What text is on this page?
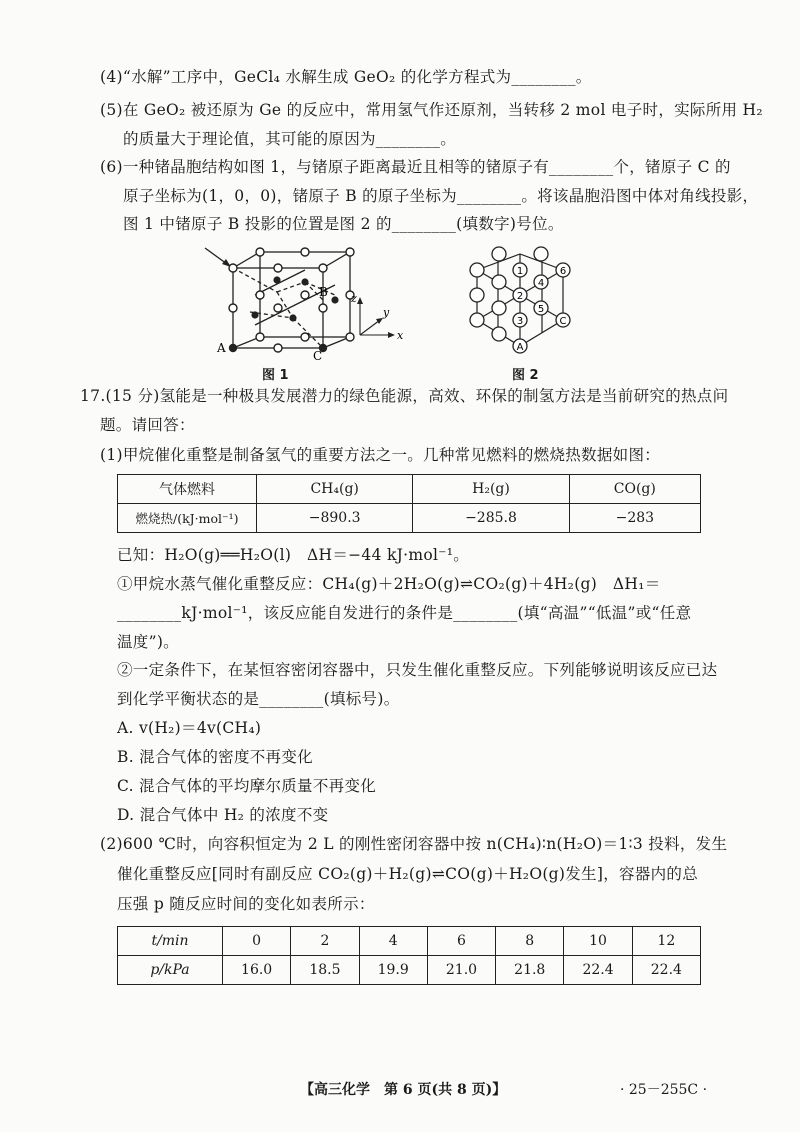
(4)“水解”工序中，GeCl₄ 水解生成 GeO₂ 的化学方程式为________。
(5)在 GeO₂ 被还原为 Ge 的反应中，常用氢气作还原剂，当转移 2 mol 电子时，实际所用 H₂
的质量大于理论值，其可能的原因为________。
(6)一种锗晶胞结构如图 1，与锗原子距离最近且相等的锗原子有________个，锗原子 C 的
原子坐标为(1，0，0)，锗原子 B 的原子坐标为________。将该晶胞沿图中体对角线投影，
图 1 中锗原子 B 投影的位置是图 2 的________(填数字)号位。
A
B
C
z
y
x
图 1
1
2
3
4
5
6
C
A
图 2
17.(15 分)氢能是一种极具发展潜力的绿色能源，高效、环保的制氢方法是当前研究的热点问
题。请回答：
(1)甲烷催化重整是制备氢气的重要方法之一。几种常见燃料的燃烧热数据如图：
气体燃料	CH₄(g)	H₂(g)	CO(g)
燃烧热/(kJ·mol⁻¹)	−890.3	−285.8	−283
已知：H₂O(g)══H₂O(l)　ΔH＝−44 kJ·mol⁻¹。
①甲烷水蒸气催化重整反应：CH₄(g)＋2H₂O(g)⇌CO₂(g)＋4H₂(g)　ΔH₁＝
________kJ·mol⁻¹，该反应能自发进行的条件是________(填“高温”“低温”或“任意
温度”)。
②一定条件下，在某恒容密闭容器中，只发生催化重整反应。下列能够说明该反应已达
到化学平衡状态的是________(填标号)。
A. v(H₂)＝4v(CH₄)
B. 混合气体的密度不再变化
C. 混合气体的平均摩尔质量不再变化
D. 混合气体中 H₂ 的浓度不变
(2)600 ℃时，向容积恒定为 2 L 的刚性密闭容器中按 n(CH₄)∶n(H₂O)＝1∶3 投料，发生
催化重整反应[同时有副反应 CO₂(g)＋H₂(g)⇌CO(g)＋H₂O(g)发生]，容器内的总
压强 p 随反应时间的变化如表所示：
t/min	0	2	4	6	8	10	12
p/kPa	16.0	18.5	19.9	21.0	21.8	22.4	22.4
【高三化学　第 6 页(共 8 页)】	· 25－255C ·
